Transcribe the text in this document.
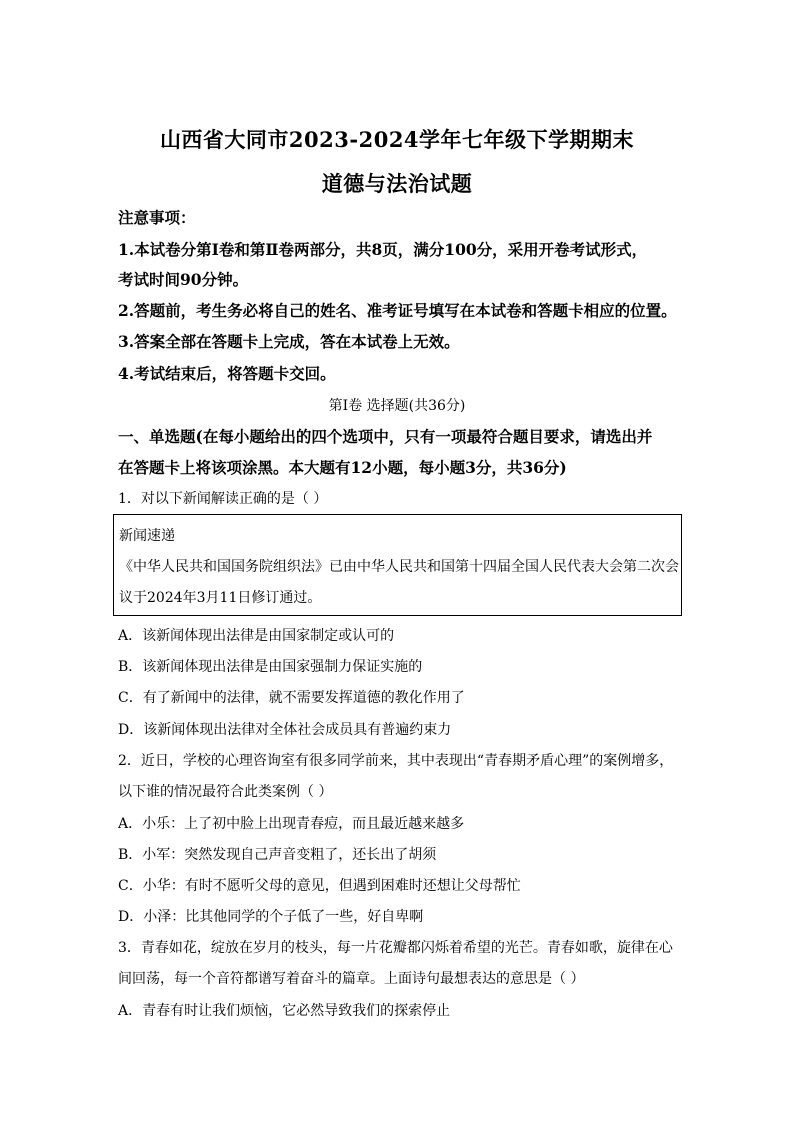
山西省大同市2023-2024学年七年级下学期期末
道德与法治试题
注意事项：
1.本试卷分第Ⅰ卷和第Ⅱ卷两部分，共8页，满分100分，采用开卷考试形式，
考试时间90分钟。
2.答题前，考生务必将自己的姓名、准考证号填写在本试卷和答题卡相应的位置。
3.答案全部在答题卡上完成，答在本试卷上无效。
4.考试结束后，将答题卡交回。
第Ⅰ卷 选择题(共36分)
一、单选题(在每小题给出的四个选项中，只有一项最符合题目要求，请选出并
在答题卡上将该项涂黑。本大题有12小题，每小题3分，共36分)
1．对以下新闻解读正确的是（ ）
新闻速递
《中华人民共和国国务院组织法》已由中华人民共和国第十四届全国人民代表大会第二次会
议于2024年3月11日修订通过。
A．该新闻体现出法律是由国家制定或认可的
B．该新闻体现出法律是由国家强制力保证实施的
C．有了新闻中的法律，就不需要发挥道德的教化作用了
D．该新闻体现出法律对全体社会成员具有普遍约束力
2．近日，学校的心理咨询室有很多同学前来，其中表现出“青春期矛盾心理”的案例增多，
以下谁的情况最符合此类案例（ ）
A．小乐：上了初中脸上出现青春痘，而且最近越来越多
B．小军：突然发现自己声音变粗了，还长出了胡须
C．小华：有时不愿听父母的意见，但遇到困难时还想让父母帮忙
D．小泽：比其他同学的个子低了一些，好自卑啊
3．青春如花，绽放在岁月的枝头，每一片花瓣都闪烁着希望的光芒。青春如歌，旋律在心
间回荡，每一个音符都谱写着奋斗的篇章。上面诗句最想表达的意思是（ ）
A．青春有时让我们烦恼，它必然导致我们的探索停止
